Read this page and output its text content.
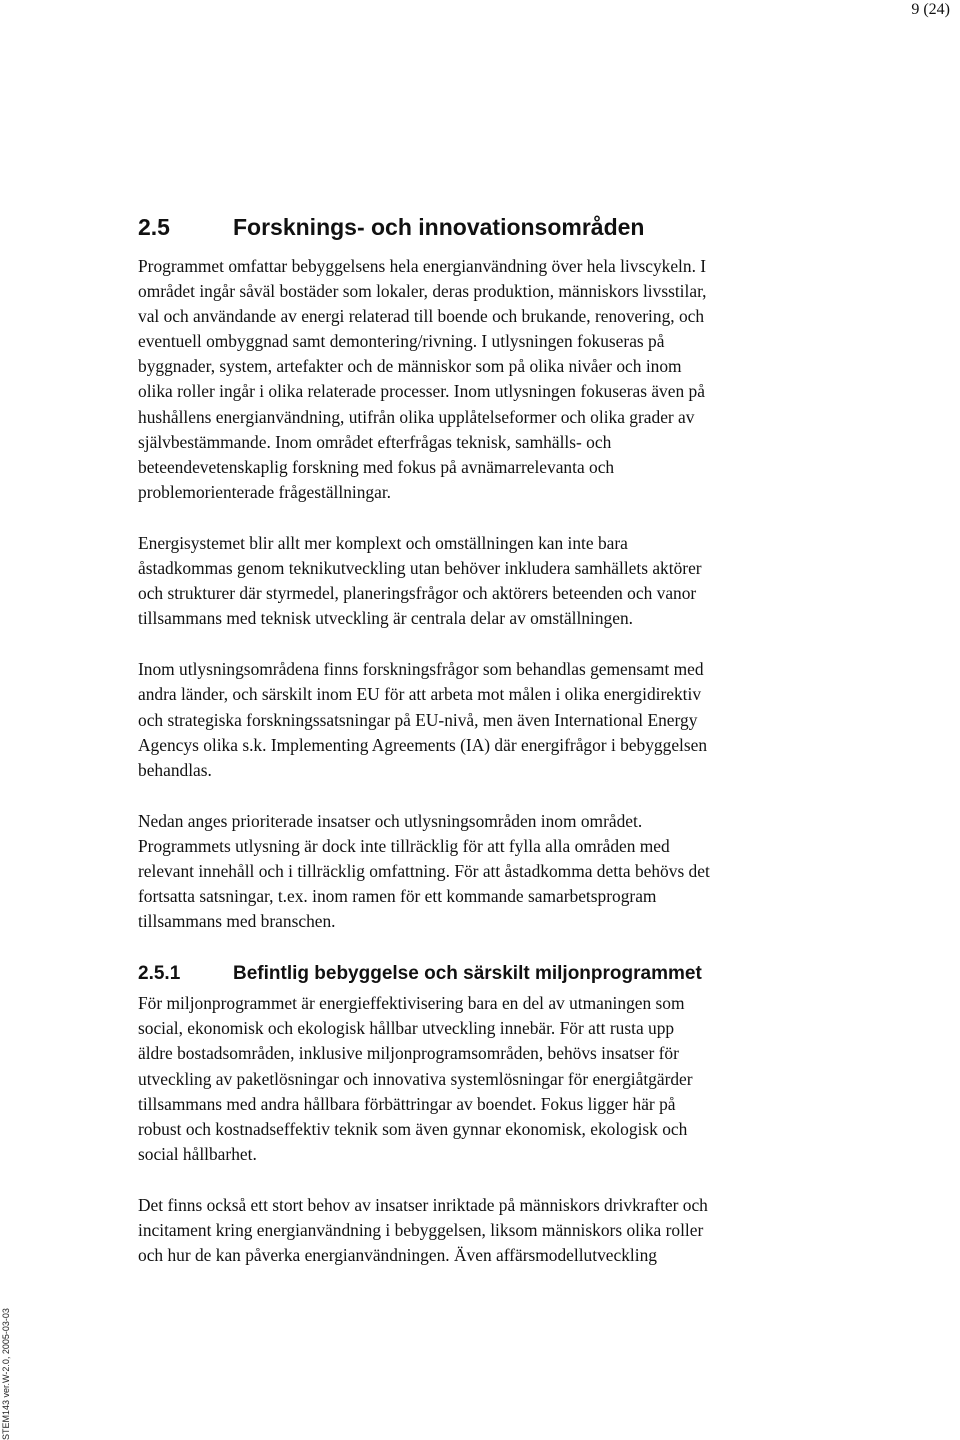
9 (24)
2.5	Forsknings- och innovationsområden

Programmet omfattar bebyggelsens hela energianvändning över hela livscykeln. I
området ingår såväl bostäder som lokaler, deras produktion, människors livsstilar,
val och användande av energi relaterad till boende och brukande, renovering, och
eventuell ombyggnad samt demontering/rivning. I utlysningen fokuseras på
byggnader, system, artefakter och de människor som på olika nivåer och inom
olika roller ingår i olika relaterade processer. Inom utlysningen fokuseras även på
hushållens energianvändning, utifrån olika upplåtelseformer och olika grader av
självbestämmande. Inom området efterfrågas teknisk, samhälls- och
beteendevetenskaplig forskning med fokus på avnämarrelevanta och
problemorienterade frågeställningar.

Energisystemet blir allt mer komplext och omställningen kan inte bara
åstadkommas genom teknikutveckling utan behöver inkludera samhällets aktörer
och strukturer där styrmedel, planeringsfrågor och aktörers beteenden och vanor
tillsammans med teknisk utveckling är centrala delar av omställningen.

Inom utlysningsområdena finns forskningsfrågor som behandlas gemensamt med
andra länder, och särskilt inom EU för att arbeta mot målen i olika energidirektiv
och strategiska forskningssatsningar på EU-nivå, men även International Energy
Agencys olika s.k. Implementing Agreements (IA) där energifrågor i bebyggelsen
behandlas.

Nedan anges prioriterade insatser och utlysningsområden inom området.
Programmets utlysning är dock inte tillräcklig för att fylla alla områden med
relevant innehåll och i tillräcklig omfattning. För att åstadkomma detta behövs det
fortsatta satsningar, t.ex. inom ramen för ett kommande samarbetsprogram
tillsammans med branschen.

2.5.1	Befintlig bebyggelse och särskilt miljonprogrammet

För miljonprogrammet är energieffektivisering bara en del av utmaningen som
social, ekonomisk och ekologisk hållbar utveckling innebär. För att rusta upp
äldre bostadsområden, inklusive miljonprogramsområden, behövs insatser för
utveckling av paketlösningar och innovativa systemlösningar för energiåtgärder
tillsammans med andra hållbara förbättringar av boendet. Fokus ligger här på
robust och kostnadseffektiv teknik som även gynnar ekonomisk, ekologisk och
social hållbarhet.

Det finns också ett stort behov av insatser inriktade på människors drivkrafter och
incitament kring energianvändning i bebyggelsen, liksom människors olika roller
och hur de kan påverka energianvändningen. Även affärsmodellutveckling

STEM143 ver.W-2.0, 2005-03-03
